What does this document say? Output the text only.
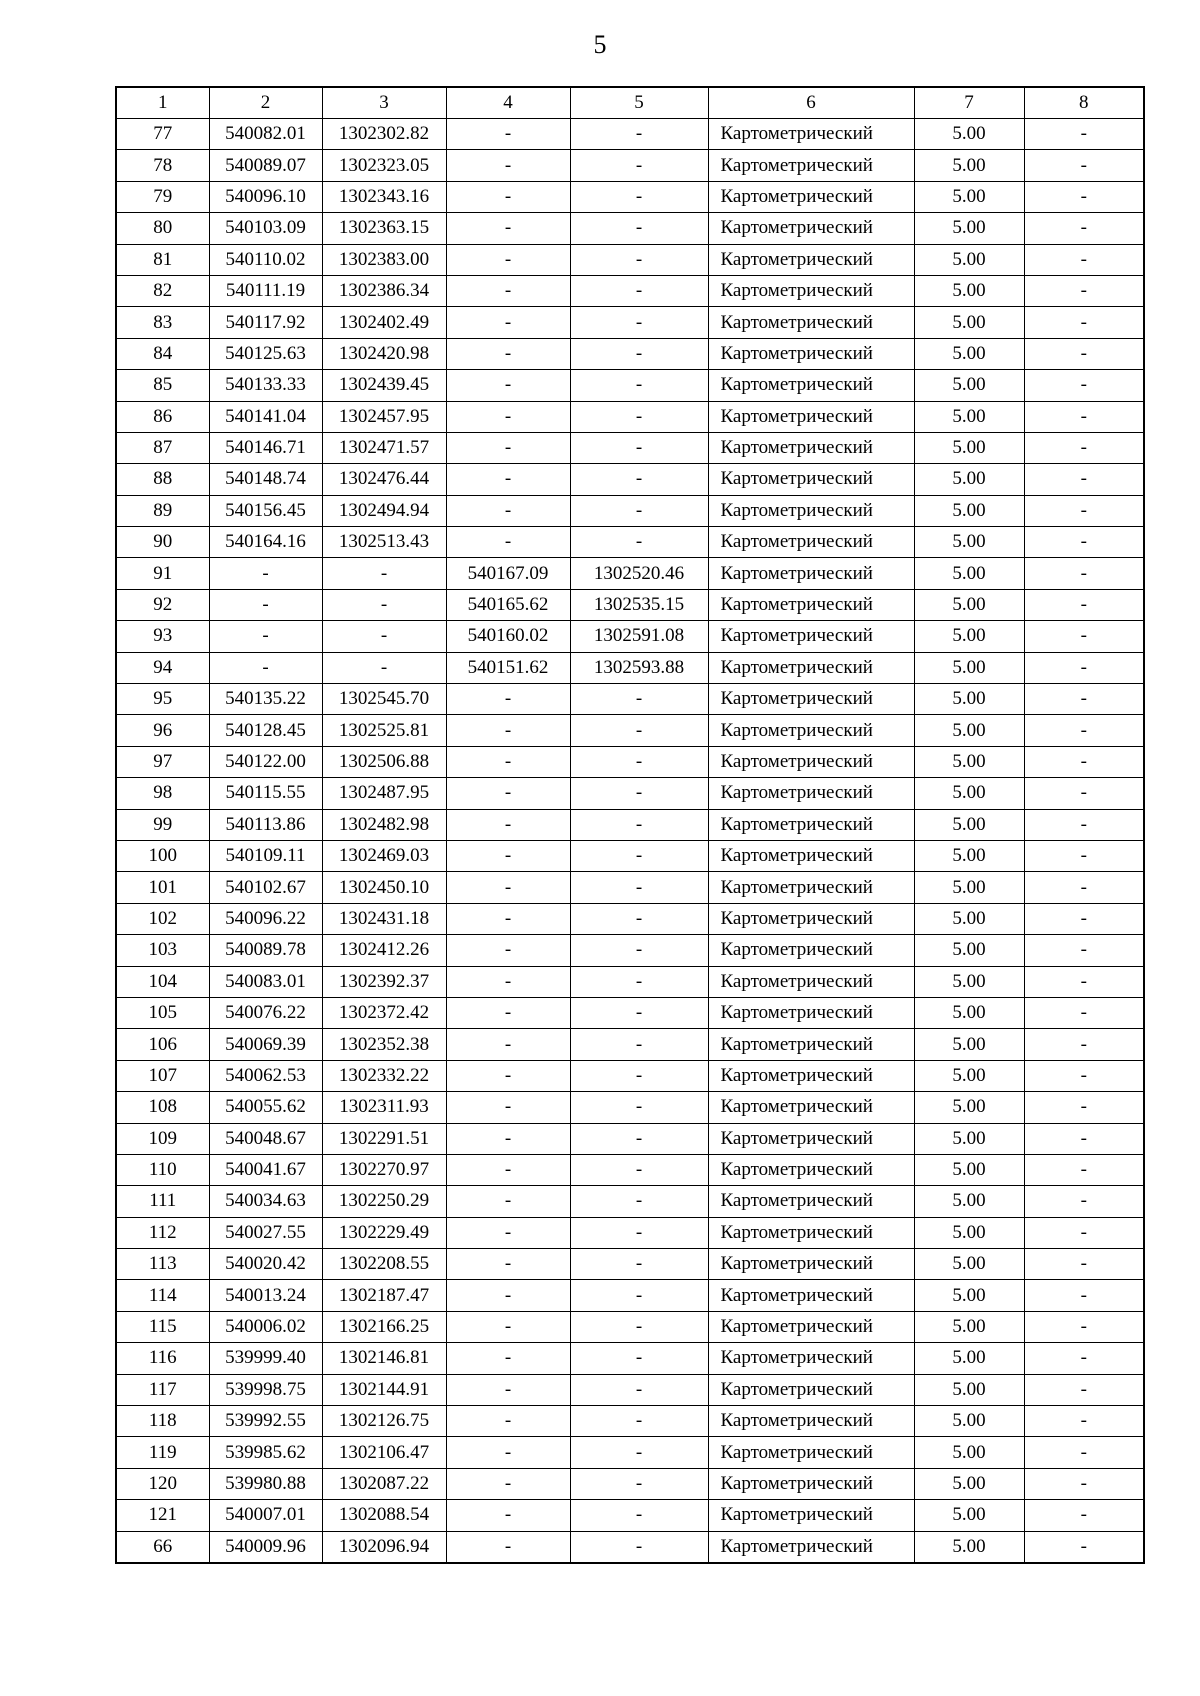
5
1	2	3	4	5	6	7	8
77	540082.01	1302302.82	-	-	Картометрический	5.00	-
78	540089.07	1302323.05	-	-	Картометрический	5.00	-
79	540096.10	1302343.16	-	-	Картометрический	5.00	-
80	540103.09	1302363.15	-	-	Картометрический	5.00	-
81	540110.02	1302383.00	-	-	Картометрический	5.00	-
82	540111.19	1302386.34	-	-	Картометрический	5.00	-
83	540117.92	1302402.49	-	-	Картометрический	5.00	-
84	540125.63	1302420.98	-	-	Картометрический	5.00	-
85	540133.33	1302439.45	-	-	Картометрический	5.00	-
86	540141.04	1302457.95	-	-	Картометрический	5.00	-
87	540146.71	1302471.57	-	-	Картометрический	5.00	-
88	540148.74	1302476.44	-	-	Картометрический	5.00	-
89	540156.45	1302494.94	-	-	Картометрический	5.00	-
90	540164.16	1302513.43	-	-	Картометрический	5.00	-
91	-	-	540167.09	1302520.46	Картометрический	5.00	-
92	-	-	540165.62	1302535.15	Картометрический	5.00	-
93	-	-	540160.02	1302591.08	Картометрический	5.00	-
94	-	-	540151.62	1302593.88	Картометрический	5.00	-
95	540135.22	1302545.70	-	-	Картометрический	5.00	-
96	540128.45	1302525.81	-	-	Картометрический	5.00	-
97	540122.00	1302506.88	-	-	Картометрический	5.00	-
98	540115.55	1302487.95	-	-	Картометрический	5.00	-
99	540113.86	1302482.98	-	-	Картометрический	5.00	-
100	540109.11	1302469.03	-	-	Картометрический	5.00	-
101	540102.67	1302450.10	-	-	Картометрический	5.00	-
102	540096.22	1302431.18	-	-	Картометрический	5.00	-
103	540089.78	1302412.26	-	-	Картометрический	5.00	-
104	540083.01	1302392.37	-	-	Картометрический	5.00	-
105	540076.22	1302372.42	-	-	Картометрический	5.00	-
106	540069.39	1302352.38	-	-	Картометрический	5.00	-
107	540062.53	1302332.22	-	-	Картометрический	5.00	-
108	540055.62	1302311.93	-	-	Картометрический	5.00	-
109	540048.67	1302291.51	-	-	Картометрический	5.00	-
110	540041.67	1302270.97	-	-	Картометрический	5.00	-
111	540034.63	1302250.29	-	-	Картометрический	5.00	-
112	540027.55	1302229.49	-	-	Картометрический	5.00	-
113	540020.42	1302208.55	-	-	Картометрический	5.00	-
114	540013.24	1302187.47	-	-	Картометрический	5.00	-
115	540006.02	1302166.25	-	-	Картометрический	5.00	-
116	539999.40	1302146.81	-	-	Картометрический	5.00	-
117	539998.75	1302144.91	-	-	Картометрический	5.00	-
118	539992.55	1302126.75	-	-	Картометрический	5.00	-
119	539985.62	1302106.47	-	-	Картометрический	5.00	-
120	539980.88	1302087.22	-	-	Картометрический	5.00	-
121	540007.01	1302088.54	-	-	Картометрический	5.00	-
66	540009.96	1302096.94	-	-	Картометрический	5.00	-
